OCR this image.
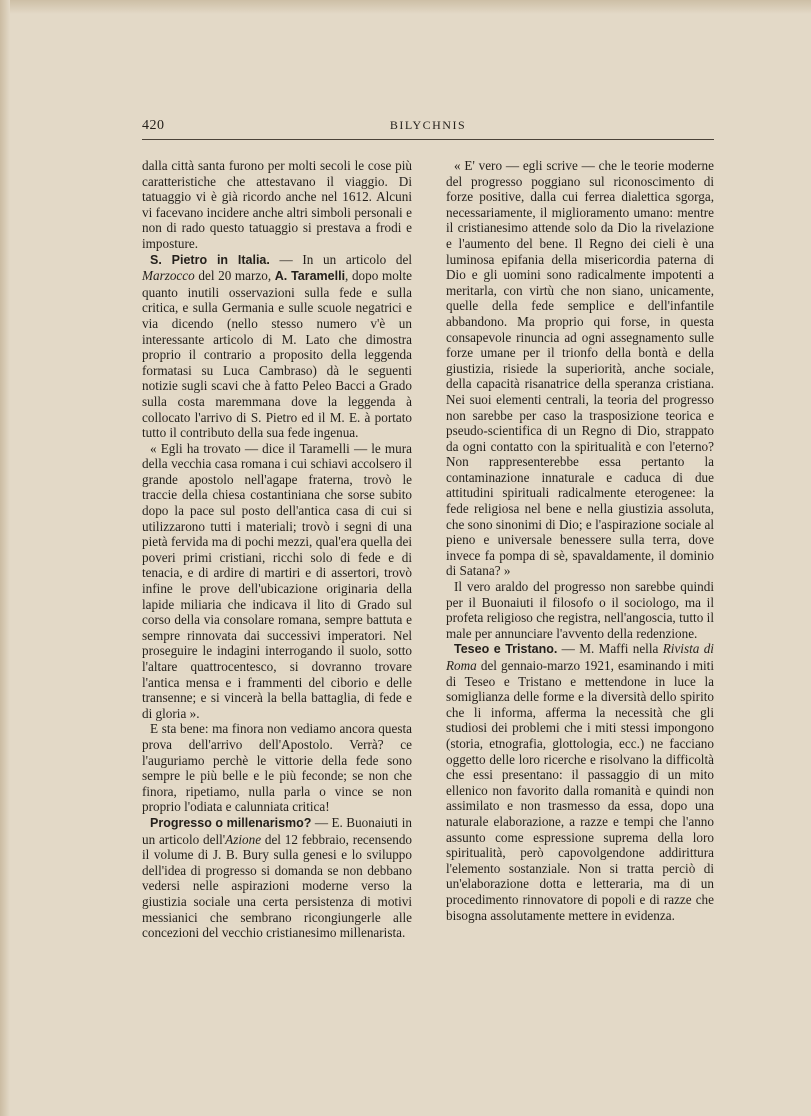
420	BILYCHNIS

dalla città santa furono per molti secoli le cose più caratteristiche che attestavano il viaggio. Di tatuaggio vi è già ricordo anche nel 1612. Alcuni vi facevano incidere anche altri simboli personali e non di rado questo tatuaggio si prestava a frodi e imposture.

S. Pietro in Italia. — In un articolo del Marzocco del 20 marzo, A. Taramelli, dopo molte quanto inutili osservazioni sulla fede e sulla critica, e sulla Germania e sulle scuole negatrici e via dicendo (nello stesso numero v'è un interessante articolo di M. Lato che dimostra proprio il contrario a proposito della leggenda formatasi su Luca Cambraso) dà le seguenti notizie sugli scavi che à fatto Peleo Bacci a Grado sulla costa maremmana dove la leggenda à collocato l'arrivo di S. Pietro ed il M. E. à portato tutto il contributo della sua fede ingenua.

« Egli ha trovato — dice il Taramelli — le mura della vecchia casa romana i cui schiavi accolsero il grande apostolo nell'agape fraterna, trovò le traccie della chiesa costantiniana che sorse subito dopo la pace sul posto dell'antica casa di cui si utilizzarono tutti i materiali; trovò i segni di una pietà fervida ma di pochi mezzi, qual'era quella dei poveri primi cristiani, ricchi solo di fede e di tenacia, e di ardire di martiri e di assertori, trovò infine le prove dell'ubicazione originaria della lapide miliaria che indicava il lito di Grado sul corso della via consolare romana, sempre battuta e sempre rinnovata dai successivi imperatori. Nel proseguire le indagini interrogando il suolo, sotto l'altare quattrocentesco, si dovranno trovare l'antica mensa e i frammenti del ciborio e delle transenne; e si vincerà la bella battaglia, di fede e di gloria ».

E sta bene: ma finora non vediamo ancora questa prova dell'arrivo dell'Apostolo. Verrà? ce l'auguriamo perchè le vittorie della fede sono sempre le più belle e le più feconde; se non che finora, ripetiamo, nulla parla o vince se non proprio l'odiata e calunniata critica!

Progresso o millenarismo? — E. Buonaiuti in un articolo dell'Azione del 12 febbraio, recensendo il volume di J. B. Bury sulla genesi e lo sviluppo dell'idea di progresso si domanda se non debbano vedersi nelle aspirazioni moderne verso la giustizia sociale una certa persistenza di motivi messianici che sembrano ricongiungerle alle concezioni del vecchio cristianesimo millenarista.

« E' vero — egli scrive — che le teorie moderne del progresso poggiano sul riconoscimento di forze positive, dalla cui ferrea dialettica sgorga, necessariamente, il miglioramento umano: mentre il cristianesimo attende solo da Dio la rivelazione e l'aumento del bene. Il Regno dei cieli è una luminosa epifania della misericordia paterna di Dio e gli uomini sono radicalmente impotenti a meritarla, con virtù che non siano, unicamente, quelle della fede semplice e dell'infantile abbandono. Ma proprio qui forse, in questa consapevole rinuncia ad ogni assegnamento sulle forze umane per il trionfo della bontà e della giustizia, risiede la superiorità, anche sociale, della capacità risanatrice della speranza cristiana. Nei suoi elementi centrali, la teoria del progresso non sarebbe per caso la trasposizione teorica e pseudo-scientifica di un Regno di Dio, strappato da ogni contatto con la spiritualità e con l'eterno? Non rappresenterebbe essa pertanto la contaminazione innaturale e caduca di due attitudini spirituali radicalmente eterogenee: la fede religiosa nel bene e nella giustizia assoluta, che sono sinonimi di Dio; e l'aspirazione sociale al pieno e universale benessere sulla terra, dove invece fa pompa di sè, spavaldamente, il dominio di Satana? »

Il vero araldo del progresso non sarebbe quindi per il Buonaiuti il filosofo o il sociologo, ma il profeta religioso che registra, nell'angoscia, tutto il male per annunciare l'avvento della redenzione.

Teseo e Tristano. — M. Maffi nella Rivista di Roma del gennaio-marzo 1921, esaminando i miti di Teseo e Tristano e mettendone in luce la somiglianza delle forme e la diversità dello spirito che li informa, afferma la necessità che gli studiosi dei problemi che i miti stessi impongono (storia, etnografia, glottologia, ecc.) ne facciano oggetto delle loro ricerche e risolvano la difficoltà che essi presentano: il passaggio di un mito ellenico non favorito dalla romanità e quindi non assimilato e non trasmesso da essa, dopo una naturale elaborazione, a razze e tempi che l'anno assunto come espressione suprema della loro spiritualità, però capovolgendone addirittura l'elemento sostanziale. Non si tratta perciò di un'elaborazione dotta e letteraria, ma di un procedimento rinnovatore di popoli e di razze che bisogna assolutamente mettere in evidenza.
